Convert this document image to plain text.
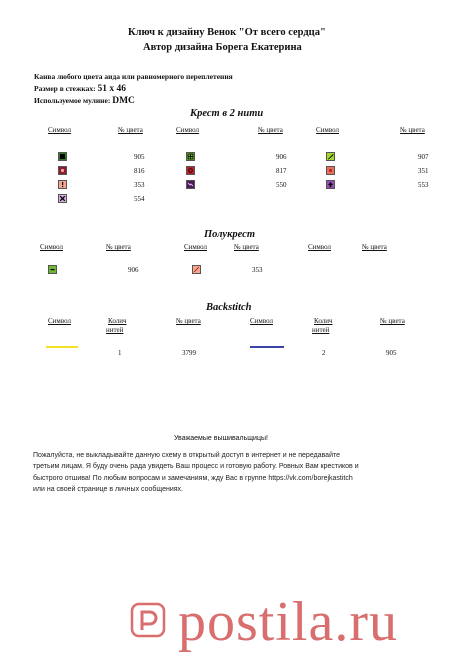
Ключ к дизайну Венок "От всего сердца"
Автор дизайна Борега Екатерина
Канва любого цвета аида или равномерного переплетения
Размер в стежках: 51 х 46
Используемое мулине: DMC
Крест в 2 нити
Символ	№ цвета	Символ	№ цвета	Символ	№ цвета
905	906	907
816	817	351
353	550	553
554
Полукрест
Символ	№ цвета	Символ	№ цвета	Символ	№ цвета
906	353
Backstitch
Символ	Колич
нитей
№ цвета	Символ	Колич
нитей
№ цвета
1	3799	2	905
Уважаемые вышивальщицы!
Пожалуйста, не выкладывайте данную схему в открытый доступ в интернет и не передавайте
третьим лицам. Я буду очень рада увидеть Ваш процесс и готовую работу. Ровных Вам крестиков и
быстрого отшива! По любым вопросам и замечаниям, жду Вас в группе https://vk.com/borejkastitch
или на своей странице в личных сообщениях.
postila.ru
